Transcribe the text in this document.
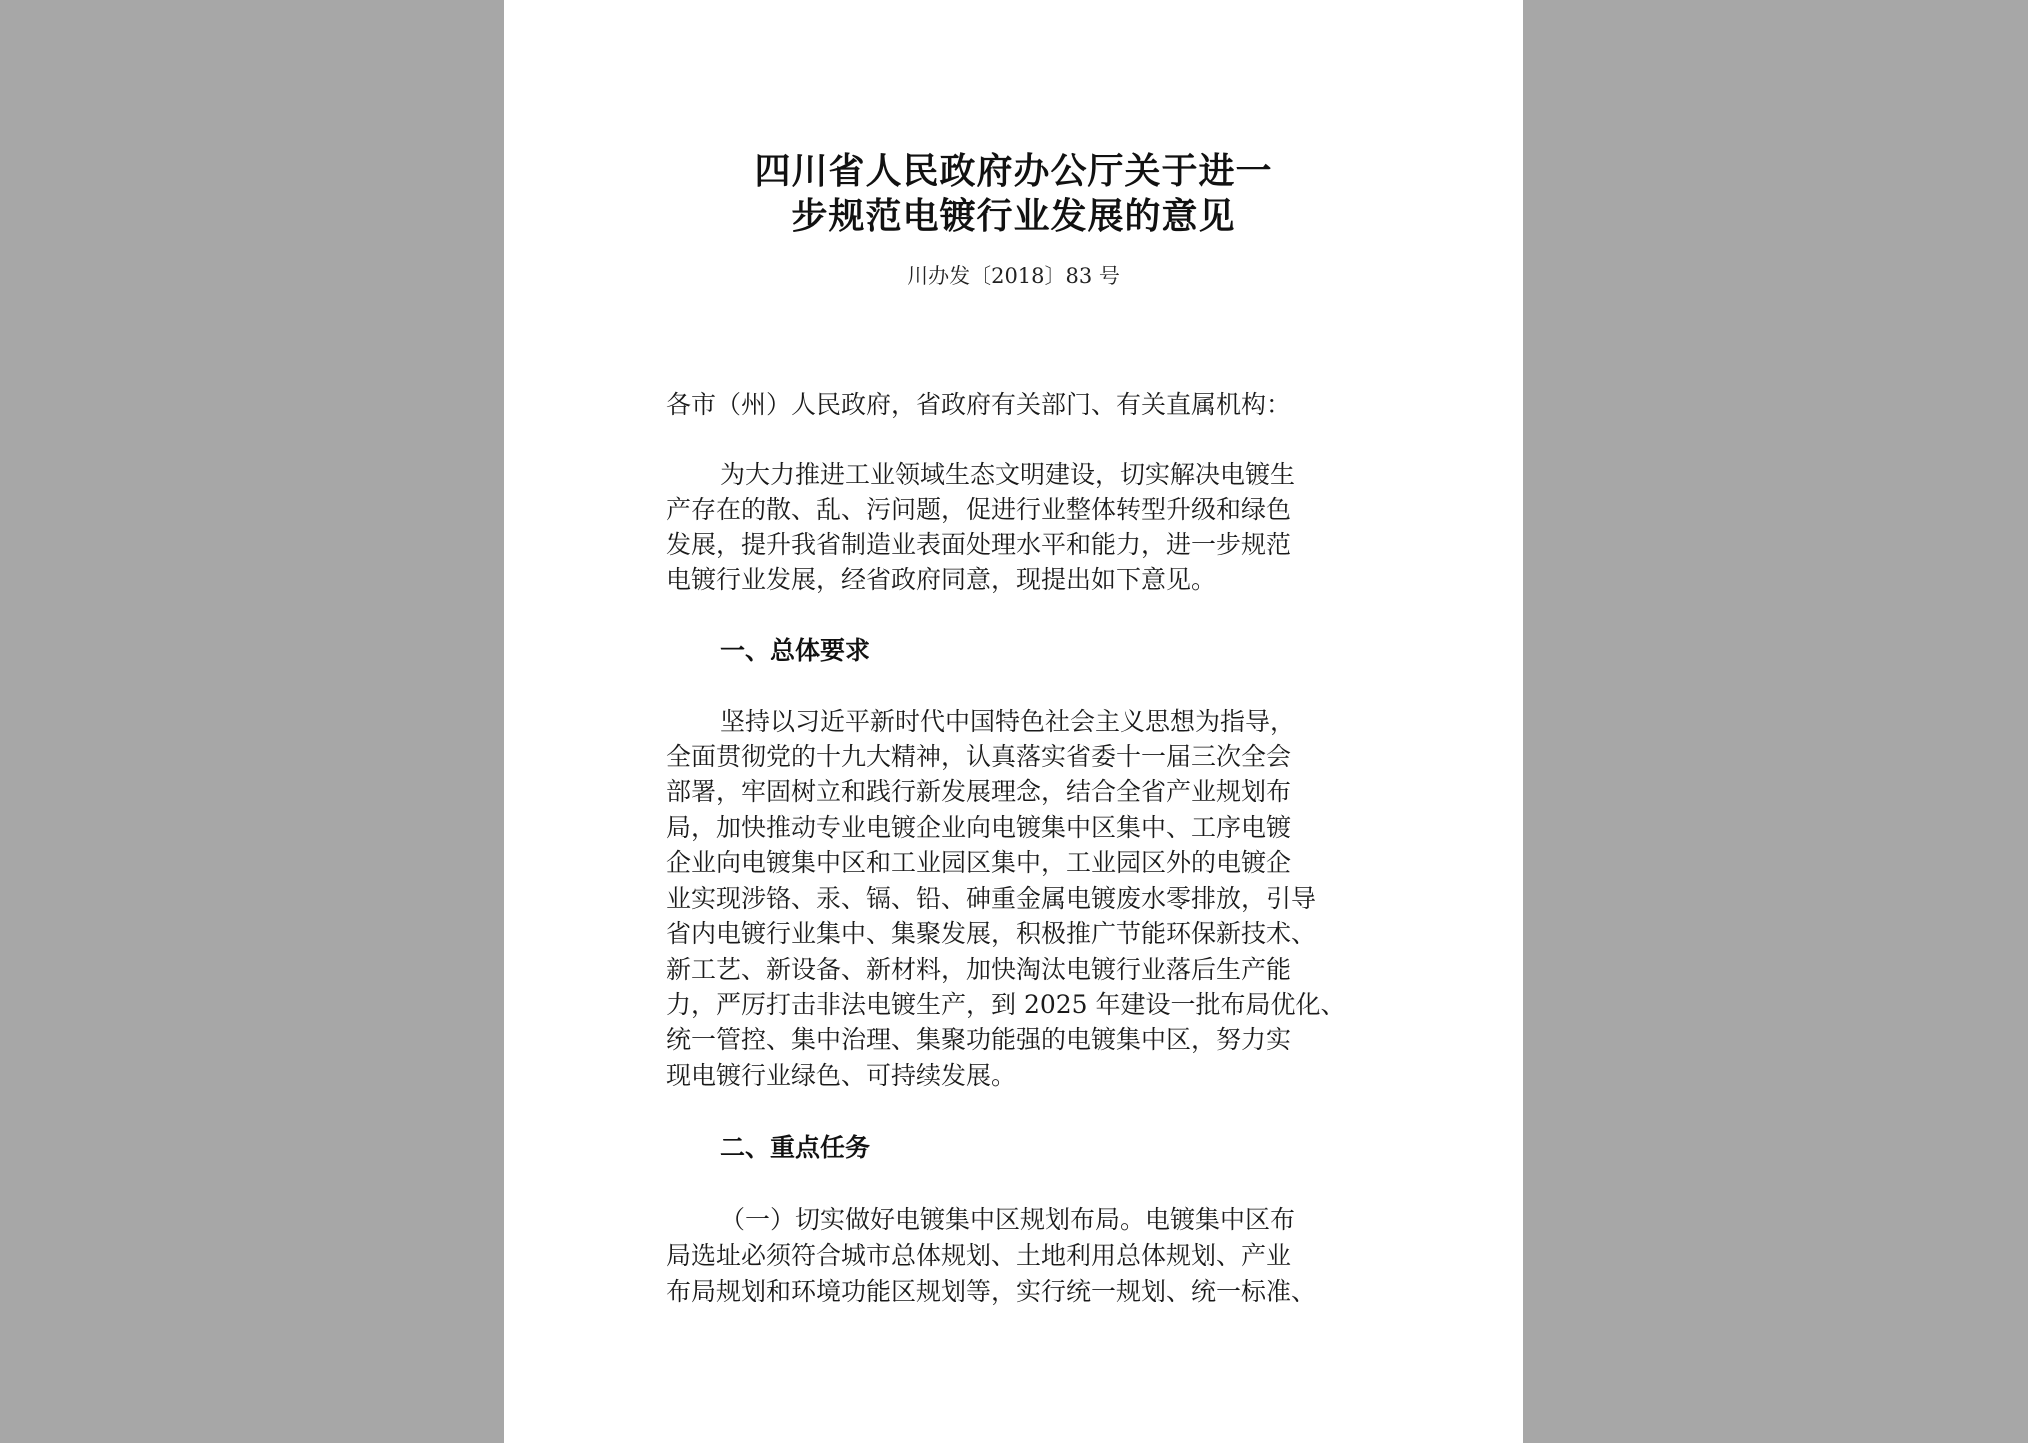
四川省人民政府办公厅关于进一
步规范电镀行业发展的意见
川办发〔2018〕83 号
各市（州）人民政府，省政府有关部门、有关直属机构：
为大力推进工业领域生态文明建设，切实解决电镀生
产存在的散、乱、污问题，促进行业整体转型升级和绿色
发展，提升我省制造业表面处理水平和能力，进一步规范
电镀行业发展，经省政府同意，现提出如下意见。
一、总体要求
坚持以习近平新时代中国特色社会主义思想为指导，
全面贯彻党的十九大精神，认真落实省委十一届三次全会
部署，牢固树立和践行新发展理念，结合全省产业规划布
局，加快推动专业电镀企业向电镀集中区集中、工序电镀
企业向电镀集中区和工业园区集中，工业园区外的电镀企
业实现涉铬、汞、镉、铅、砷重金属电镀废水零排放，引导
省内电镀行业集中、集聚发展，积极推广节能环保新技术、
新工艺、新设备、新材料，加快淘汰电镀行业落后生产能
力，严厉打击非法电镀生产，到 2025 年建设一批布局优化、
统一管控、集中治理、集聚功能强的电镀集中区，努力实
现电镀行业绿色、可持续发展。
二、重点任务
（一）切实做好电镀集中区规划布局。电镀集中区布
局选址必须符合城市总体规划、土地利用总体规划、产业
布局规划和环境功能区规划等，实行统一规划、统一标准、
